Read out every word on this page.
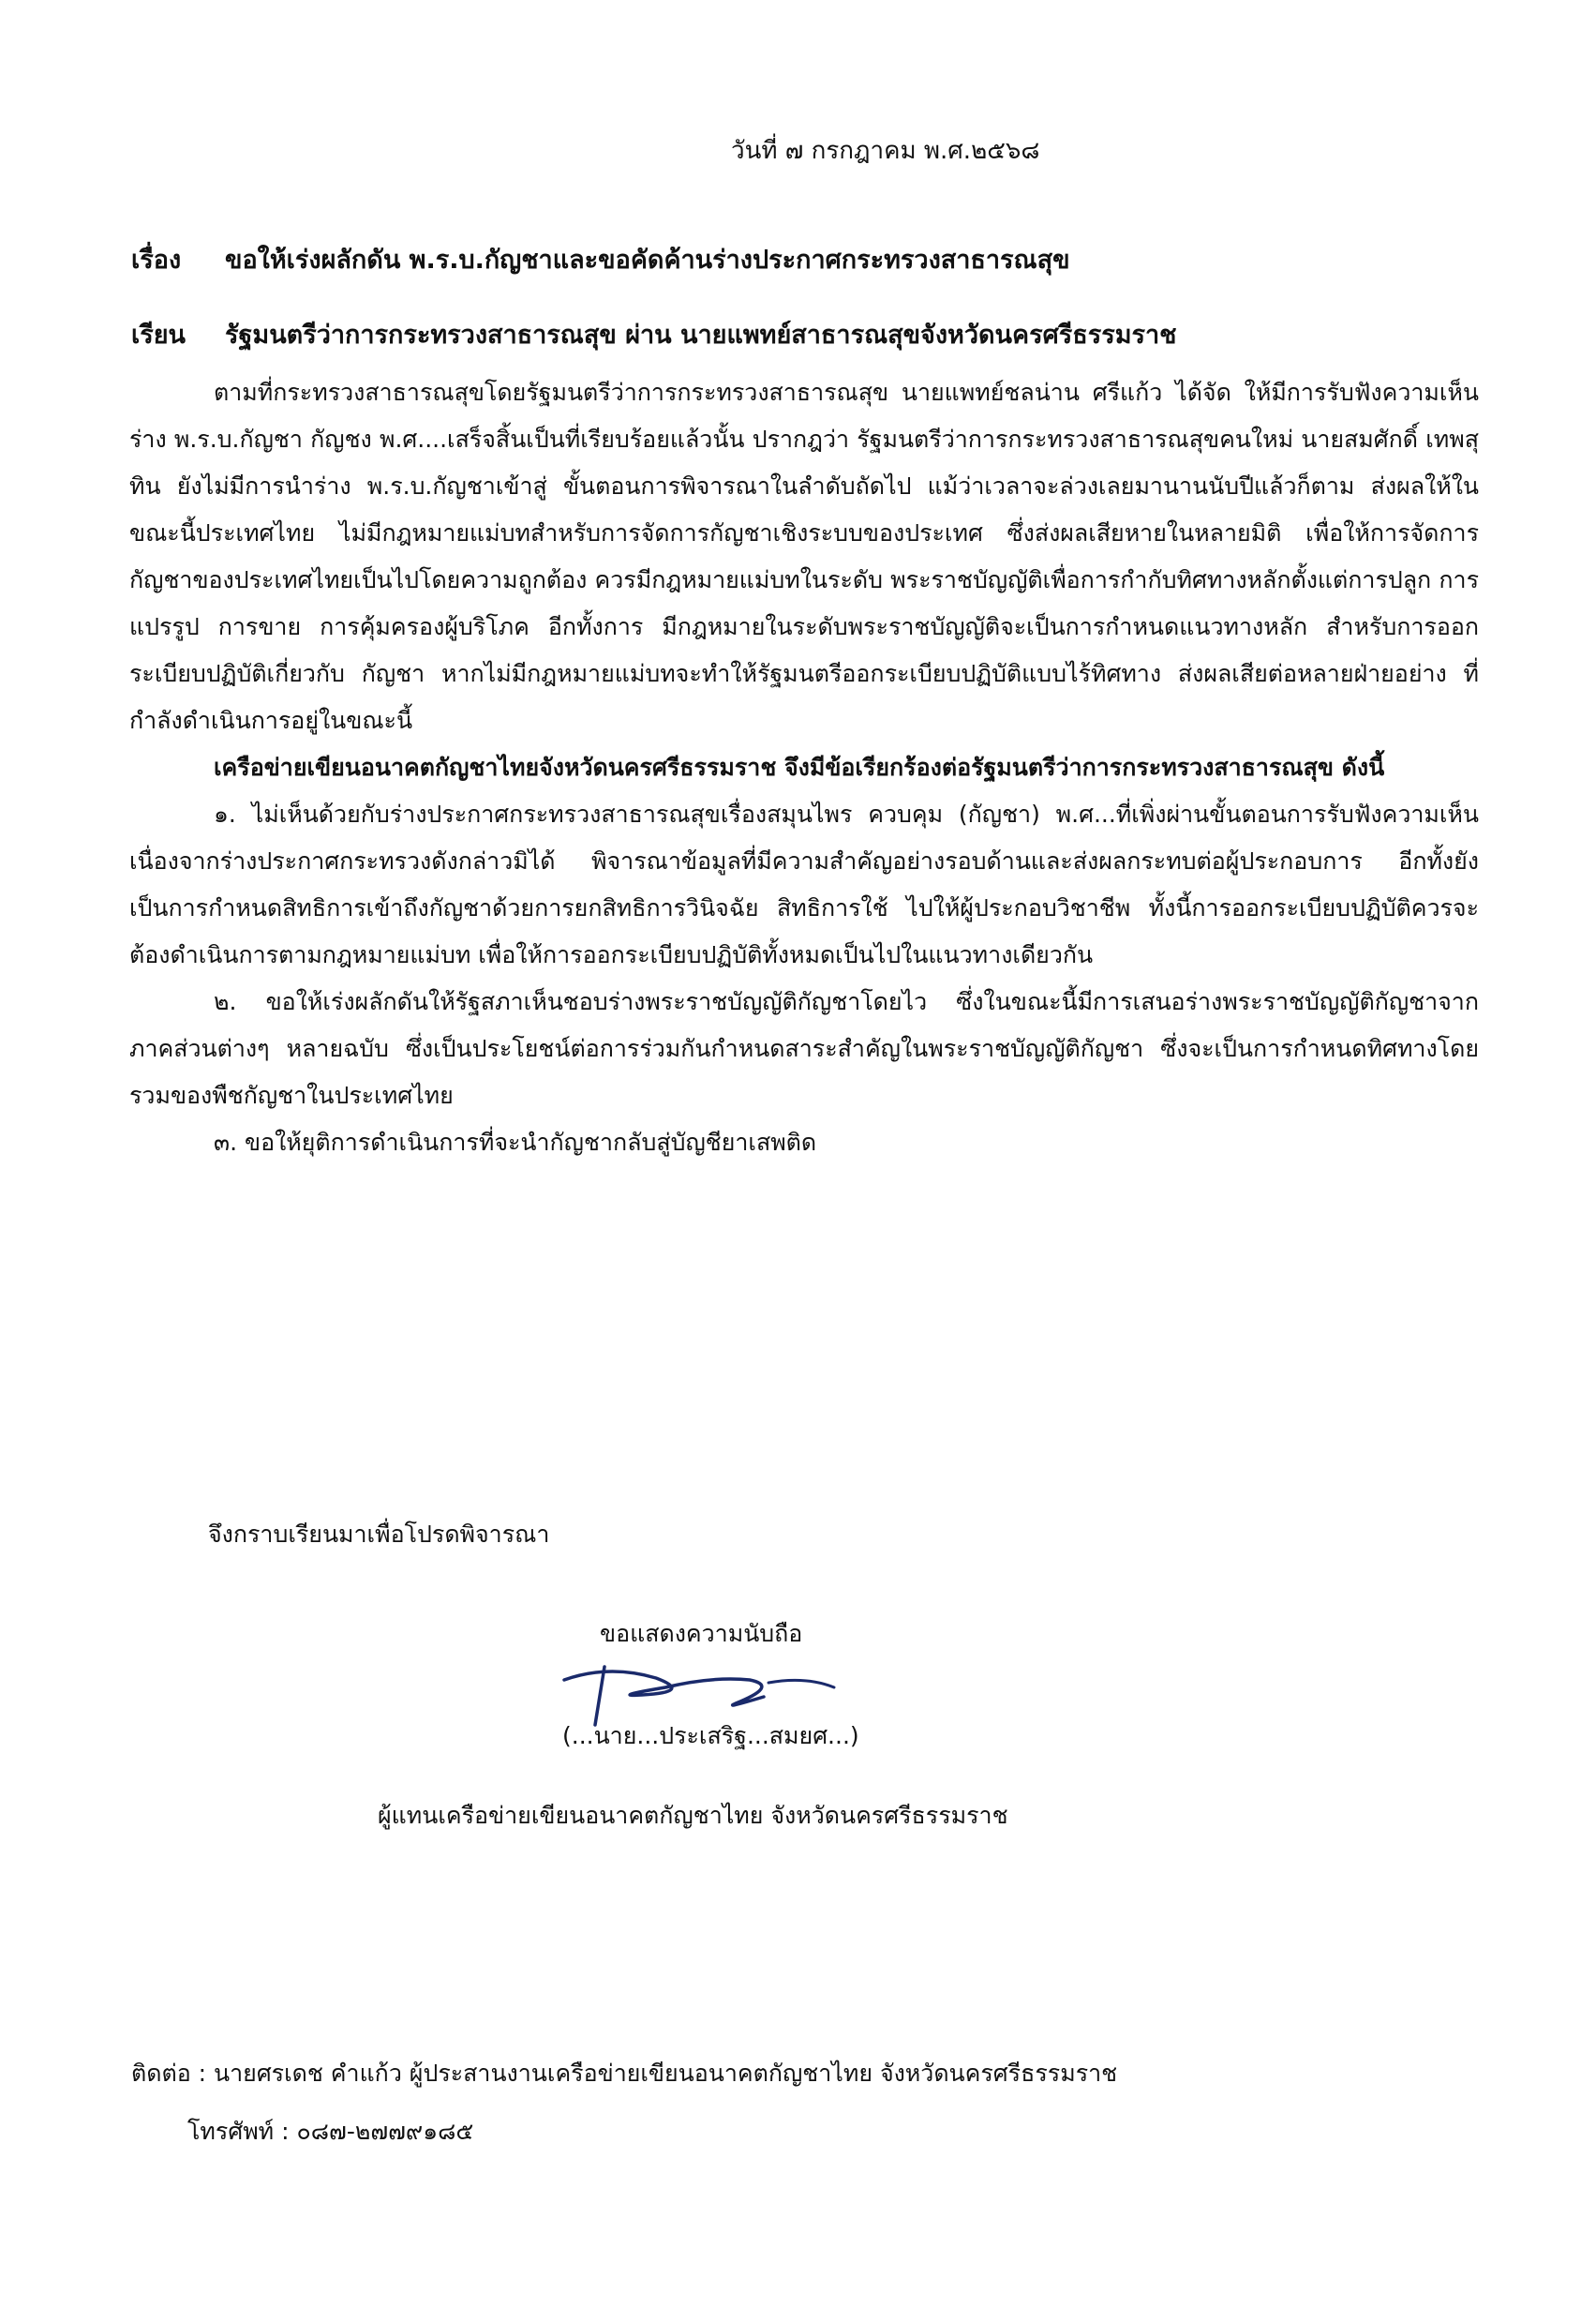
วันที่ ๗ กรกฎาคม พ.ศ.๒๕๖๘
เรื่อง ขอให้เร่งผลักดัน พ.ร.บ.กัญชาและขอคัดค้านร่างประกาศกระทรวงสาธารณสุข
เรียน รัฐมนตรีว่าการกระทรวงสาธารณสุข ผ่าน นายแพทย์สาธารณสุขจังหวัดนครศรีธรรมราช

ตามที่กระทรวงสาธารณสุขโดยรัฐมนตรีว่าการกระทรวงสาธารณสุข นายแพทย์ชลน่าน ศรีแก้ว ได้จัด ให้มีการรับฟังความเห็นร่าง พ.ร.บ.กัญชา กัญชง พ.ศ....เสร็จสิ้นเป็นที่เรียบร้อยแล้วนั้น ปรากฎว่า รัฐมนตรีว่าการกระทรวงสาธารณสุขคนใหม่ นายสมศักดิ์ เทพสุทิน ยังไม่มีการนำร่าง พ.ร.บ.กัญชาเข้าสู่ ขั้นตอนการพิจารณาในลำดับถัดไป แม้ว่าเวลาจะล่วงเลยมานานนับปีแล้วก็ตาม ส่งผลให้ในขณะนี้ประเทศไทย ไม่มีกฎหมายแม่บทสำหรับการจัดการกัญชาเชิงระบบของประเทศ ซึ่งส่งผลเสียหายในหลายมิติ เพื่อให้การจัดการกัญชาของประเทศไทยเป็นไปโดยความถูกต้อง ควรมีกฎหมายแม่บทในระดับ พระราชบัญญัติเพื่อการกำกับทิศทางหลักตั้งแต่การปลูก การแปรรูป การขาย การคุ้มครองผู้บริโภค อีกทั้งการ มีกฎหมายในระดับพระราชบัญญัติจะเป็นการกำหนดแนวทางหลัก สำหรับการออกระเบียบปฏิบัติเกี่ยวกับ กัญชา หากไม่มีกฎหมายแม่บทจะทำให้รัฐมนตรีออกระเบียบปฏิบัติแบบไร้ทิศทาง ส่งผลเสียต่อหลายฝ่ายอย่าง ที่กำลังดำเนินการอยู่ในขณะนี้

เครือข่ายเขียนอนาคตกัญชาไทยจังหวัดนครศรีธรรมราช จึงมีข้อเรียกร้องต่อรัฐมนตรีว่าการกระทรวงสาธารณสุข ดังนี้

๑. ไม่เห็นด้วยกับร่างประกาศกระทรวงสาธารณสุขเรื่องสมุนไพร ควบคุม (กัญชา) พ.ศ...ที่เพิ่งผ่านขั้นตอนการรับฟังความเห็น เนื่องจากร่างประกาศกระทรวงดังกล่าวมิได้ พิจารณาข้อมูลที่มีความสำคัญอย่างรอบด้านและส่งผลกระทบต่อผู้ประกอบการ อีกทั้งยังเป็นการกำหนดสิทธิการเข้าถึงกัญชาด้วยการยกสิทธิการวินิจฉัย สิทธิการใช้ ไปให้ผู้ประกอบวิชาชีพ ทั้งนี้การออกระเบียบปฏิบัติควรจะต้องดำเนินการตามกฎหมายแม่บท เพื่อให้การออกระเบียบปฏิบัติทั้งหมดเป็นไปในแนวทางเดียวกัน

๒. ขอให้เร่งผลักดันให้รัฐสภาเห็นชอบร่างพระราชบัญญัติกัญชาโดยไว ซึ่งในขณะนี้มีการเสนอร่างพระราชบัญญัติกัญชาจากภาคส่วนต่างๆ หลายฉบับ ซึ่งเป็นประโยชน์ต่อการร่วมกันกำหนดสาระสำคัญในพระราชบัญญัติกัญชา ซึ่งจะเป็นการกำหนดทิศทางโดยรวมของพืชกัญชาในประเทศไทย

๓. ขอให้ยุติการดำเนินการที่จะนำกัญชากลับสู่บัญชียาเสพติด

จึงกราบเรียนมาเพื่อโปรดพิจารณา
ขอแสดงความนับถือ
(...นาย...ประเสริฐ...สมยศ...)
ผู้แทนเครือข่ายเขียนอนาคตกัญชาไทย จังหวัดนครศรีธรรมราช
ติดต่อ : นายศรเดช คำแก้ว ผู้ประสานงานเครือข่ายเขียนอนาคตกัญชาไทย จังหวัดนครศรีธรรมราช
โทรศัพท์ : ๐๘๗-๒๗๗๙๑๘๕
